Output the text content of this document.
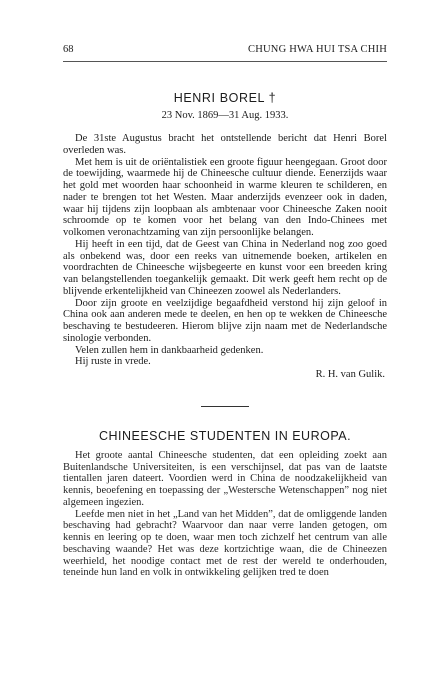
68	CHUNG HWA HUI TSA CHIH
HENRI BOREL †
23 Nov. 1869—31 Aug. 1933.

De 31ste Augustus bracht het ontstellende bericht dat Henri Borel overleden was.

Met hem is uit de oriëntalistiek een groote figuur heengegaan. Groot door de toewijding, waarmede hij de Chineesche cultuur diende. Eenerzijds waar het gold met woorden haar schoonheid in warme kleuren te schilderen, en nader te brengen tot het Westen. Maar anderzijds evenzeer ook in daden, waar hij tijdens zijn loopbaan als ambtenaar voor Chineesche Zaken nooit schroomde op te komen voor het belang van den Indo-Chinees met volkomen veronachtzaming van zijn persoonlijke belangen.

Hij heeft in een tijd, dat de Geest van China in Nederland nog zoo goed als onbekend was, door een reeks van uitnemende boeken, artikelen en voordrachten de Chineesche wijsbegeerte en kunst voor een breeden kring van belangstellenden toegankelijk gemaakt. Dit werk geeft hem recht op de blijvende erkentelijkheid van Chineezen zoowel als Nederlanders.

Door zijn groote en veelzijdige begaafdheid verstond hij zijn geloof in China ook aan anderen mede te deelen, en hen op te wekken de Chineesche beschaving te bestudeeren. Hierom blijve zijn naam met de Nederlandsche sinologie verbonden.

Velen zullen hem in dankbaarheid gedenken.

Hij ruste in vrede.

R. H. van Gulik.
CHINEESCHE STUDENTEN IN EUROPA.

Het groote aantal Chineesche studenten, dat een opleiding zoekt aan Buitenlandsche Universiteiten, is een verschijnsel, dat pas van de laatste tientallen jaren dateert. Voordien werd in China de noodzakelijkheid van kennis, beoefening en toepassing der „Westersche Wetenschappen” nog niet algemeen ingezien.

Leefde men niet in het „Land van het Midden”, dat de omliggende landen beschaving had gebracht? Waarvoor dan naar verre landen getogen, om kennis en leering op te doen, waar men toch zichzelf het centrum van alle beschaving waande? Het was deze kortzichtige waan, die de Chineezen weerhield, het noodige contact met de rest der wereld te onderhouden, teneinde hun land en volk in ontwikkeling gelijken tred te doen
